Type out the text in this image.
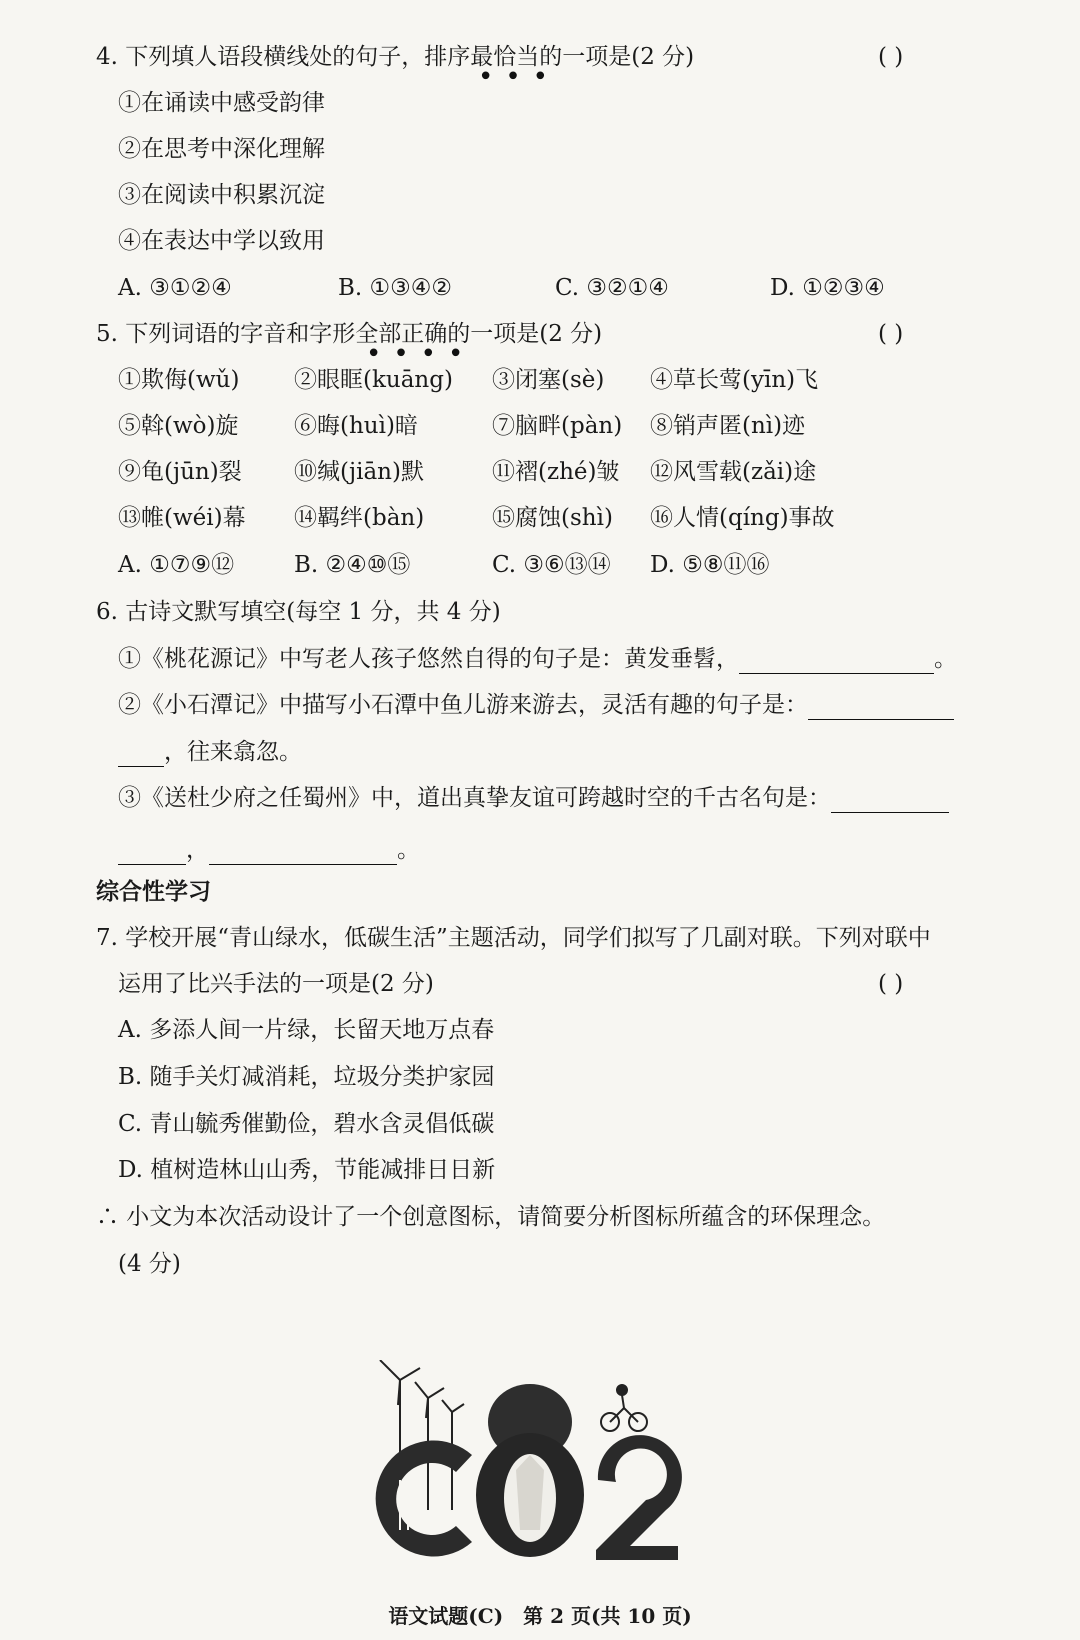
4. 下列填人语段横线处的句子，排序最恰当的一项是(2 分)
•••
( )
①在诵读中感受韵律
②在思考中深化理解
③在阅读中积累沉淀
④在表达中学以致用
A. ③①②④	B. ①③④②	C. ③②①④	D. ①②③④
5. 下列词语的字音和字形全部正确的一项是(2 分)
••••
( )
①欺侮(wǔ) ②眼眶(kuāng) ③闭塞(sè) ④草长莺(yīn)飞
⑤斡(wò)旋 ⑥晦(huì)暗	⑦脑畔(pàn) ⑧销声匿(nì)迹
⑨龟(jūn)裂 ⑩缄(jiān)默	⑪褶(zhé)皱 ⑫风雪载(zǎi)途
⑬帷(wéi)幕 ⑭羁绊(bàn)	⑮腐蚀(shì) ⑯人情(qíng)事故
A. ①⑦⑨⑫	B. ②④⑩⑮	C. ③⑥⑬⑭ D. ⑤⑧⑪⑯
6. 古诗文默写填空(每空 1 分，共 4 分)
①《桃花源记》中写老人孩子悠然自得的句子是：黄发垂髫，	。
②《小石潭记》中描写小石潭中鱼儿游来游去，灵活有趣的句子是：
，往来翕忽。
③《送杜少府之任蜀州》中，道出真挚友谊可跨越时空的千古名句是：
，	。
综合性学习
7. 学校开展“青山绿水，低碳生活”主题活动，同学们拟写了几副对联。下列对联中
运用了比兴手法的一项是(2 分)	( )
A. 多添人间一片绿，长留天地万点春
B. 随手关灯减消耗，垃圾分类护家园
C. 青山毓秀催勤俭，碧水含灵倡低碳
D. 植树造林山山秀，节能减排日日新
∴ 小文为本次活动设计了一个创意图标，请简要分析图标所蕴含的环保理念。
(4 分)
语文试题(C)　第 2 页(共 10 页)
